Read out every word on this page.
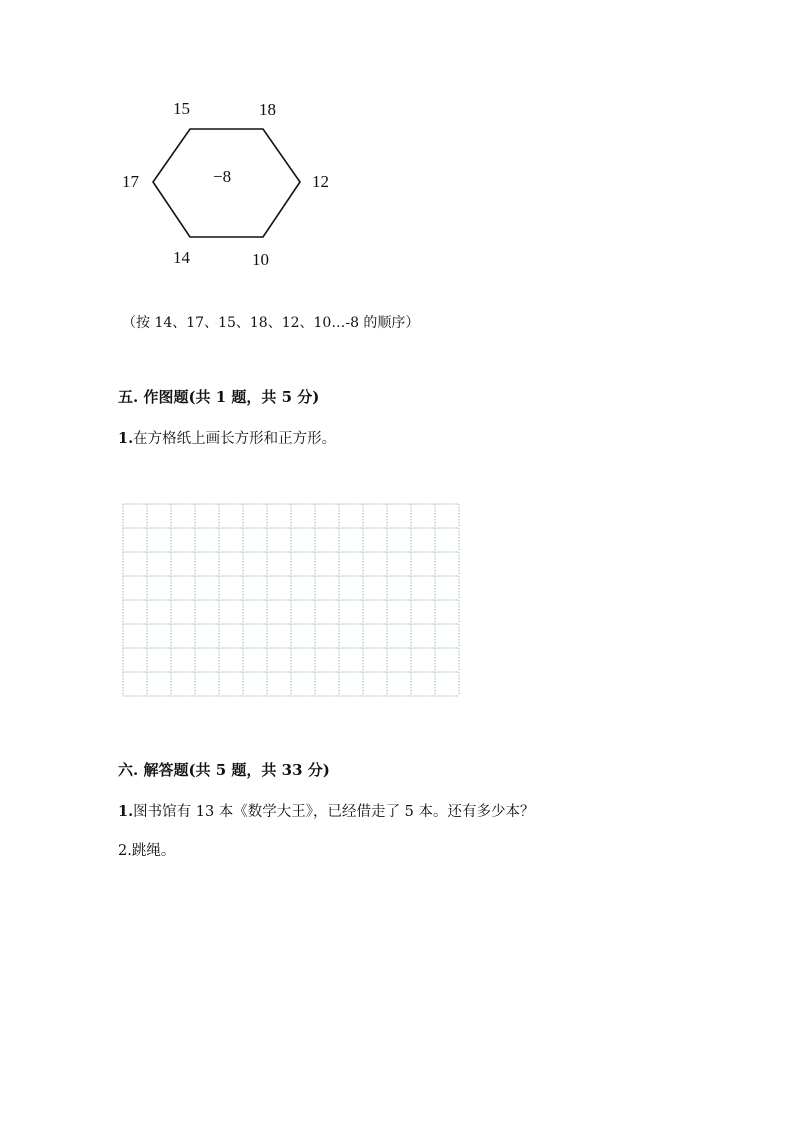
15	18
17	12
14	10
−8
（按 14、17、15、18、12、10…-8 的顺序）
五. 作图题(共 1 题，共 5 分)
1.在方格纸上画长方形和正方形。
六. 解答题(共 5 题，共 33 分)
1.图书馆有 13 本《数学大王》，已经借走了 5 本。还有多少本？
2.跳绳。
